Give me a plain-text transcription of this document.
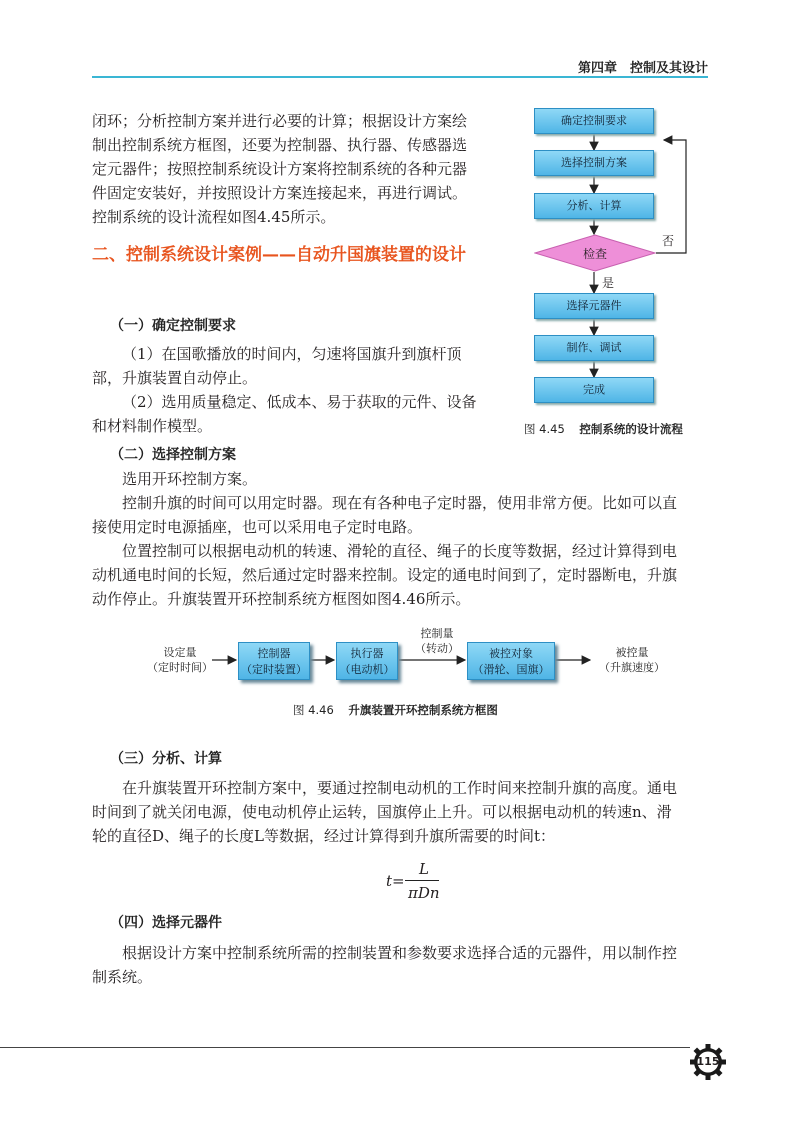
第四章　控制及其设计
闭环；分析控制方案并进行必要的计算；根据设计方案绘
制出控制系统方框图，还要为控制器、执行器、传感器选
定元器件；按照控制系统设计方案将控制系统的各种元器
件固定安装好，并按照设计方案连接起来，再进行调试。
控制系统的设计流程如图4.45所示。
二、控制系统设计案例——自动升国旗装置的设计
（一）确定控制要求
（1）在国歌播放的时间内，匀速将国旗升到旗杆顶
部，升旗装置自动停止。
（2）选用质量稳定、低成本、易于获取的元件、设备
和材料制作模型。
（二）选择控制方案
选用开环控制方案。
控制升旗的时间可以用定时器。现在有各种电子定时器，使用非常方便。比如可以直
接使用定时电源插座，也可以采用电子定时电路。
位置控制可以根据电动机的转速、滑轮的直径、绳子的长度等数据，经过计算得到电
动机通电时间的长短，然后通过定时器来控制。设定的通电时间到了，定时器断电，升旗
动作停止。升旗装置开环控制系统方框图如图4.46所示。
确定控制要求
选择控制方案
分析、计算
检查
选择元器件
制作、调试
完成
否
是
图 4.45 控制系统的设计流程
设定量
（定时时间）
控制器
（定时装置）
执行器
（电动机）
控制量
（转动）	被控对象
（滑轮、国旗）
被控量
（升旗速度）
图 4.46 升旗装置开环控制系统方框图
（三）分析、计算
在升旗装置开环控制方案中，要通过控制电动机的工作时间来控制升旗的高度。通电
时间到了就关闭电源，使电动机停止运转，国旗停止上升。可以根据电动机的转速n、滑
轮的直径D、绳子的长度L等数据，经过计算得到升旗所需要的时间t：
t=
L
πDn
（四）选择元器件
根据设计方案中控制系统所需的控制装置和参数要求选择合适的元器件，用以制作控
制系统。
115
